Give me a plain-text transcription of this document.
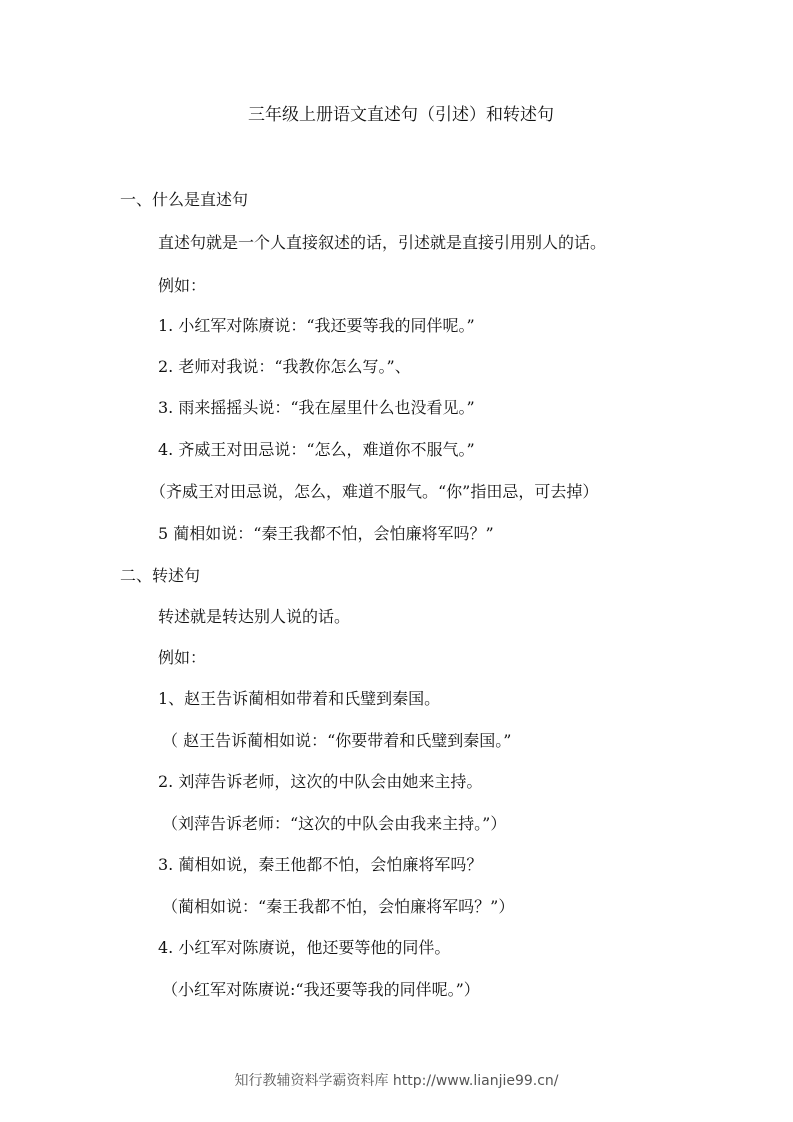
三年级上册语文直述句（引述）和转述句
一、什么是直述句
直述句就是一个人直接叙述的话，引述就是直接引用别人的话。
例如：
1. 小红军对陈赓说：“我还要等我的同伴呢。”
2. 老师对我说：“我教你怎么写。”、
3. 雨来摇摇头说：“我在屋里什么也没看见。”
4. 齐威王对田忌说：“怎么，难道你不服气。”
（齐威王对田忌说，怎么，难道不服气。“你”指田忌，可去掉）
5 蔺相如说：“秦王我都不怕，会怕廉将军吗？”
二、转述句
转述就是转达别人说的话。
例如：
1、赵王告诉蔺相如带着和氏璧到秦国。
（ 赵王告诉蔺相如说：“你要带着和氏璧到秦国。”
2. 刘萍告诉老师，这次的中队会由她来主持。
（刘萍告诉老师：“这次的中队会由我来主持。”）
3. 蔺相如说，秦王他都不怕，会怕廉将军吗？
（蔺相如说：“秦王我都不怕，会怕廉将军吗？”）
4. 小红军对陈赓说，他还要等他的同伴。
（小红军对陈赓说:“我还要等我的同伴呢。”）
知行教辅资料学霸资料库 http://www.lianjie99.cn/
